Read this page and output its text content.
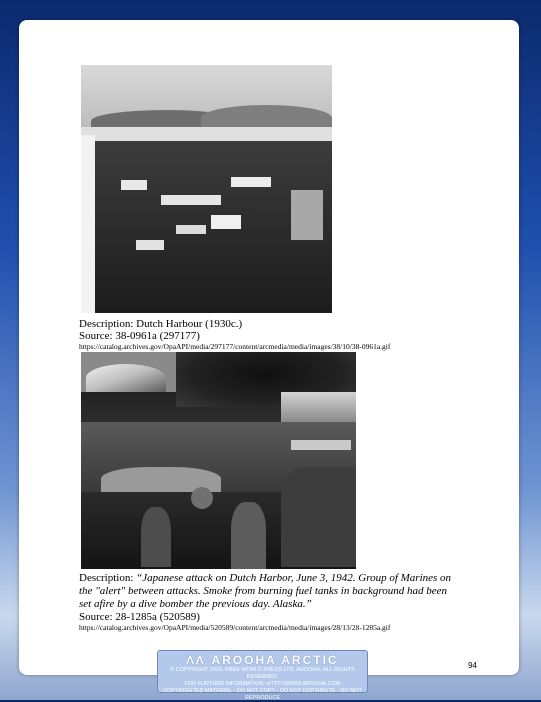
Description: Dutch Harbour (1930c.)
Source: 38-0961a (297177)
https://catalog.archives.gov/OpaAPI/media/297177/content/arcmedia/media/images/38/10/38-0961a.gif
Description: “Japanese attack on Dutch Harbor, June 3, 1942. Group of Marines on the "alert" between attacks. Smoke from burning fuel tanks in background had been set afire by a dive bomber the previous day. Alaska.”
Source: 28-1285a (520589)
https://catalog.archives.gov/OpaAPI/media/520589/content/arcmedia/media/images/28/13/28-1285a.gif
94
ꓥꓥ AROOHA ARCTIC
© COPYRIGHT 2016. FREE WORLD PRESS LTD. AROOHA. ALL RIGHTS RESERVED.
FOR FURTHER INFORMATION: HTTP://WWW.AROOHA.COM
COPYRIGHTED MATERIAL - DO NOT COPY - DO NOT DISTRIBUTE - DO NOT REPRODUCE
